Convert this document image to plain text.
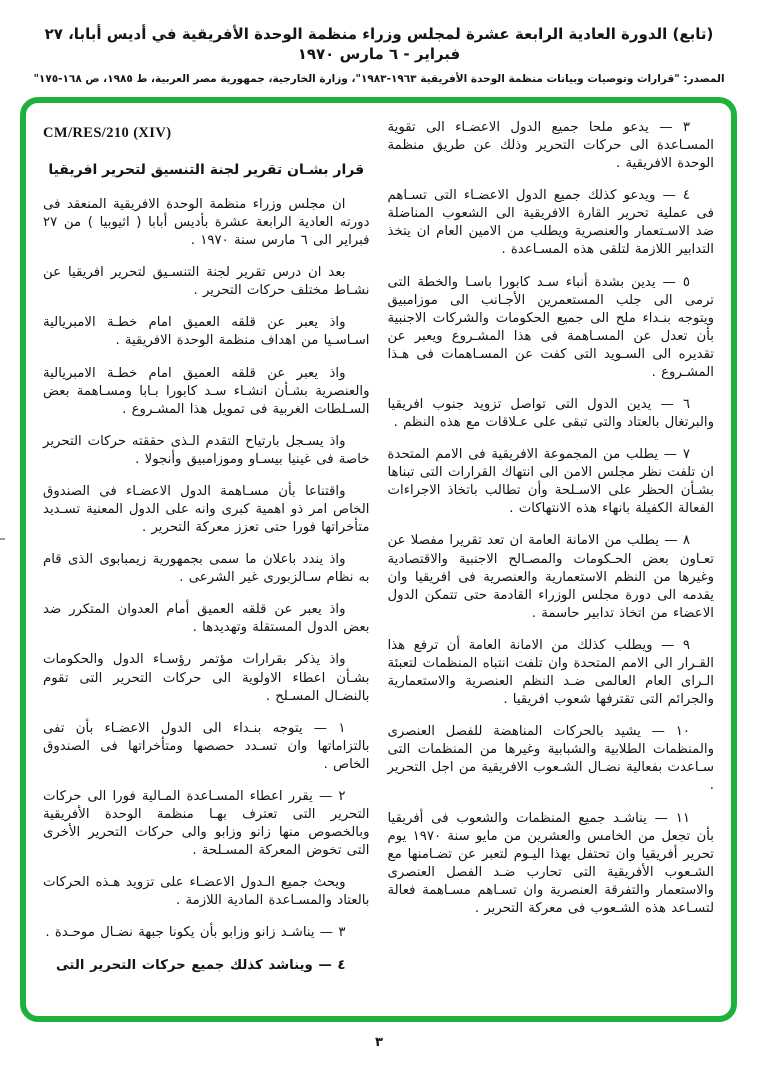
(تابع) الدورة العادية الرابعة عشرة لمجلس وزراء منظمة الوحدة الأفريقية في أديس أبابا، ٢٧ فبراير - ٦ مارس ١٩٧٠
المصدر: "قرارات وتوصيات وبيانات منظمة الوحدة الأفريقية ١٩٦٣-١٩٨٣"، وزارة الخارجية، جمهورية مصر العربية، ط ١٩٨٥، ص ١٦٨-١٧٥"

٣ — يدعو ملحا جميع الدول الاعضـاء الى تقوية المسـاعدة الى حركات التحرير وذلك عن طريق منظمة الوحدة الافريقية .

٤ — ويدعو كذلك جميع الدول الاعضـاء التى تسـاهم فى عملية تحرير القارة الافريقية الى الشعوب المناضلة ضد الاسـتعمار والعنصرية ويطلب من الامين العام ان يتخذ التدابير اللازمة لتلقى هذه المسـاعدة .

٥ — يدين بشدة أنباء سـد كابورا باسـا والخطة التى ترمى الى جلب المستعمرين الأجـانب الى موزامبيق ويتوجه بنـداء ملح الى جميع الحكومات والشركات الاجنبية بأن تعدل عن المسـاهمة فى هذا المشـروع ويعبر عن تقديره الى السـويد التى كفت عن المسـاهمات فى هـذا المشـروع .

٦ — يدين الدول التى تواصل تزويد جنوب افريقيا والبرتغال بالعتاد والتى تبقى على عـلاقات مع هذه النظم .

٧ — يطلب من المجموعة الافريقية فى الامم المتحدة ان تلفت نظر مجلس الامن الى انتهاك القرارات التى تبناها بشـأن الحظر على الاسـلحة وأن تطالب باتخاذ الاجراءات الفعالة الكفيلة بانهاء هذه الانتهاكات .

٨ — يطلب من الامانة العامة ان تعد تقريرا مفصلا عن تعـاون بعض الحـكومات والمصـالح الاجنبية والاقتصادية وغيرها من النظم الاستعمارية والعنصرية فى افريقيا وان يقدمه الى دورة مجلس الوزراء القادمة حتى تتمكن الدول الاعضاء من اتخاذ تدابير حاسمة .

٩ — ويطلب كذلك من الامانة العامة أن ترفع هذا القـرار الى الامم المتحدة وان تلفت انتباه المنظمات لتعبئة الـراى العام العالمى ضـد النظم العنصرية والاستعمارية والجرائم التى تقترفها شعوب افريقيا .

١٠ — يشيد بالحركات المناهضة للفصل العنصرى والمنظمات الطلابية والشبابية وغيرها من المنظمات التى سـاعدت بفعالية نضـال الشـعوب الافريقية من اجل التحرير .

١١ — يناشـد جميع المنظمات والشعوب فى أفريقيا بأن تجعل من الخامس والعشرين من مايو سنة ١٩٧٠ يوم تحرير أفريقيا وان تحتفل بهذا اليـوم لتعبر عن تضـامنها مع الشـعوب الأفريقية التى تحارب ضـد الفصل العنصرى والاستعمار والتفرقة العنصرية وان تسـاهم مسـاهمة فعالة لتسـاعد هذه الشـعوب فى معركة التحرير .

CM/RES/210 (XIV)
قرار بشـان تقرير لجنة التنسيق لتحرير افريقيا

ان مجلس وزراء منظمة الوحدة الافريقية المنعقد فى دورته العادية الرابعة عشرة بأديس أبابا ( اثيوبيا ) من ٢٧ فبراير الى ٦ مارس سنة ١٩٧٠ .

بعد ان درس تقرير لجنة التنسـيق لتحرير افريقيا عن نشـاط مختلف حركات التحرير .

واذ يعبر عن قلقه العميق امام خطـة الامبريالية اسـاسـيا من اهداف منظمة الوحدة الافريقية .

واذ يعبر عن قلقه العميق امام خطـة الامبريالية والعنصرية بشـأن انشـاء سـد كابورا بـابا ومسـاهمة بعض السـلطات الغربية فى تمويل هذا المشـروع .

واذ يسـجل بارتياح التقدم الـذى حققته حركات التحرير خاصة فى غينيا بيسـاو وموزامبيق وأنجولا .

واقتناعا بأن مسـاهمة الدول الاعضـاء فى الصندوق الخاص امر ذو اهمية كبرى وانه على الدول المعنية تسـديد متأخراتها فورا حتى تعزز معركة التحرير .

واذ يندد باعلان ما سمى بجمهورية زيمبابوى الذى قام به نظام سـالزبورى غير الشرعى .

واذ يعبر عن قلقه العميق أمام العدوان المتكرر ضد بعض الدول المستقلة وتهديدها .

واذ يذكر بقرارات مؤتمر رؤسـاء الدول والحكومات بشـأن اعطاء الاولوية الى حركات التحرير التى تقوم بالنضـال المسـلح .

١ — يتوجه بنـداء الى الدول الاعضـاء بأن تفى بالتزاماتها وان تسـدد حصصها ومتأخراتها فى الصندوق الخاص .

٢ — يقرر اعطاء المسـاعدة المـالية فورا الى حركات التحرير التى تعترف بهـا منظمة الوحدة الأفريقية وبالخصوص منها زانو وزابو والى حركات التحرير الأخرى التى تخوض المعركة المسـلحة .

ويحث جميع الـدول الاعضـاء على تزويد هـذه الحركات بالعتاد والمسـاعدة المادية اللازمة .

٣ — يناشـد زانو وزابو بأن يكونا جبهة نضـال موحـدة .

٤ — ويناشد كذلك جميع حركات التحرير التى

٣
